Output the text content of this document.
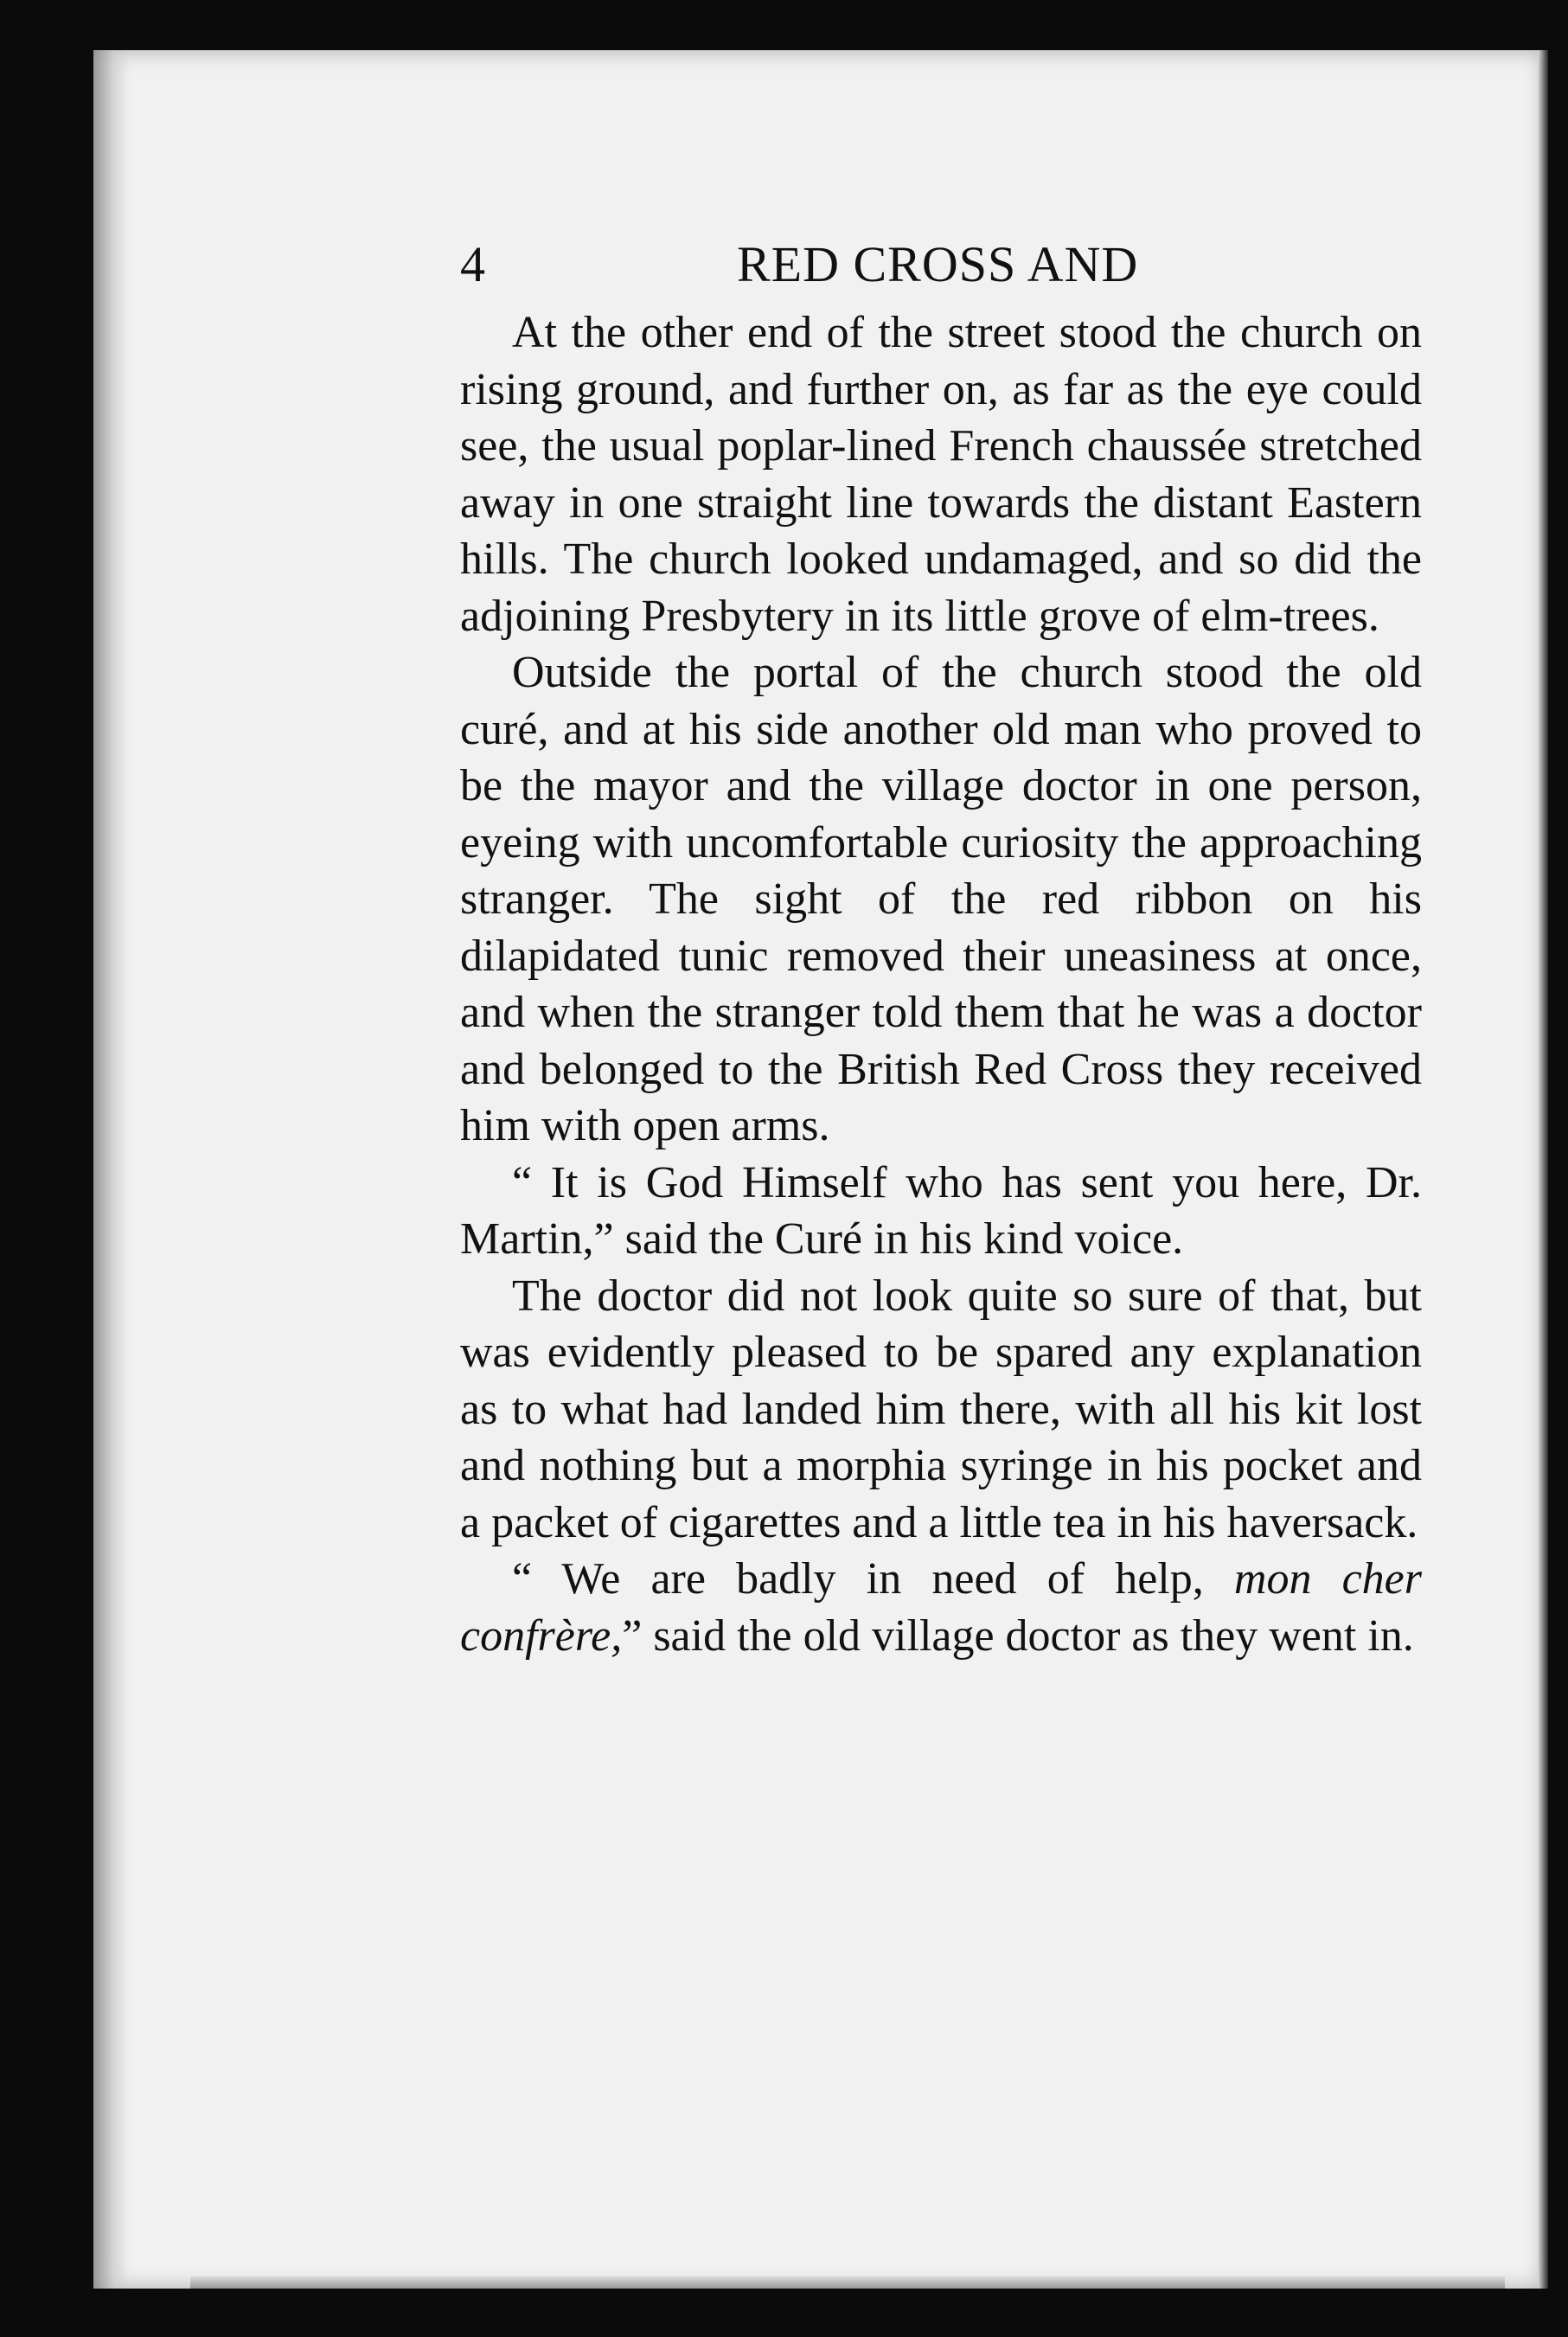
4	RED CROSS AND

At the other end of the street stood the church on rising ground, and further on, as far as the eye could see, the usual poplar-lined French chaussée stretched away in one straight line towards the distant Eastern hills. The church looked undamaged, and so did the adjoining Presbytery in its little grove of elm-trees.

Outside the portal of the church stood the old curé, and at his side another old man who proved to be the mayor and the village doctor in one person, eyeing with uncomfortable curiosity the approaching stranger. The sight of the red ribbon on his dilapidated tunic removed their uneasiness at once, and when the stranger told them that he was a doctor and belonged to the British Red Cross they received him with open arms.

“ It is God Himself who has sent you here, Dr. Martin,” said the Curé in his kind voice.

The doctor did not look quite so sure of that, but was evidently pleased to be spared any explanation as to what had landed him there, with all his kit lost and nothing but a morphia syringe in his pocket and a packet of cigarettes and a little tea in his haversack.

“ We are badly in need of help, mon cher confrère,” said the old village doctor as they went in.
